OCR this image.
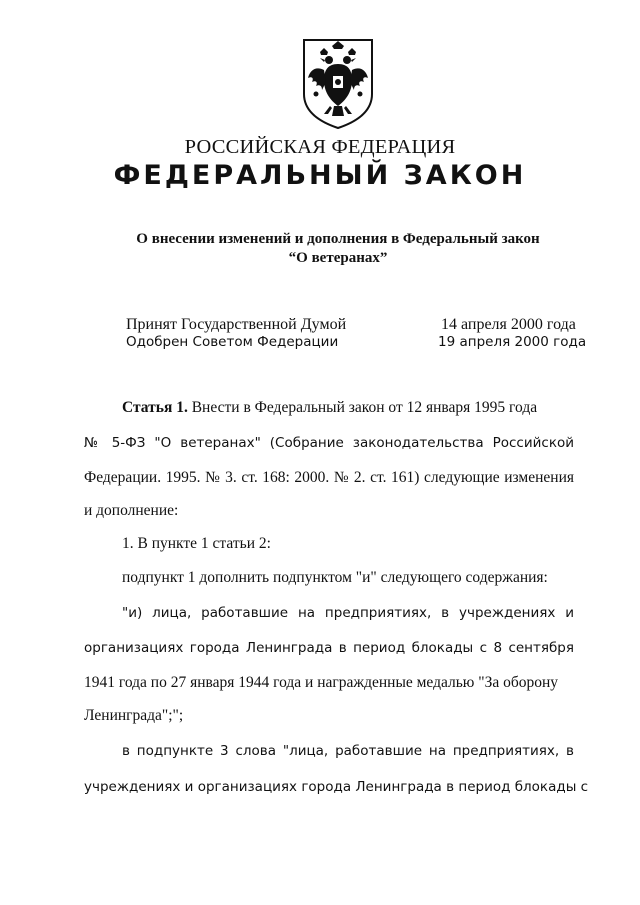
РОССИЙСКАЯ ФЕДЕРАЦИЯ
ФЕДЕРАЛЬНЫЙ ЗАКОН
О внесении изменений и дополнения в Федеральный закон
“О ветеранах”
Принят Государственной Думой	14 апреля 2000 года
Одобрен Советом Федерации	19 апреля 2000 года
Статья 1. Внести в Федеральный закон от 12 января 1995 года
№ 5-ФЗ "О ветеранах" (Собрание законодательства Российской
Федерации. 1995. № 3. ст. 168: 2000. № 2. ст. 161) следующие изменения
и дополнение:
1. В пункте 1 статьи 2:
подпункт 1 дополнить подпунктом "и" следующего содержания:
"и) лица, работавшие на предприятиях, в учреждениях и
организациях города Ленинграда в период блокады с 8 сентября
1941 года по 27 января 1944 года и награжденные медалью "За оборону
Ленинграда";";
в подпункте 3 слова "лица, работавшие на предприятиях, в
учреждениях и организациях города Ленинграда в период блокады с
